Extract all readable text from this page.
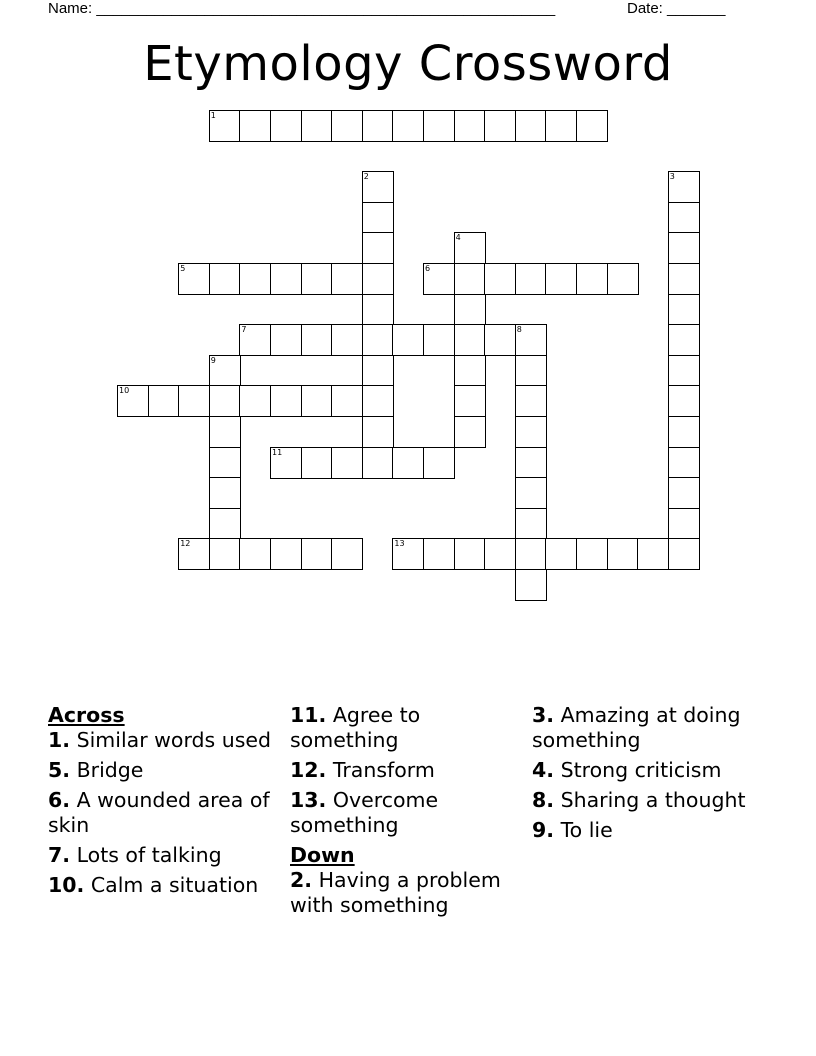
Name: _______________________________________________________	Date: _______
Etymology Crossword
1
2	3
4
5	6
7	8
9
10
11
12	13
Across
1. Similar words used
5. Bridge
6. A wounded area of skin
7. Lots of talking
10. Calm a situation
11. Agree to something
12. Transform
13. Overcome something
Down
2. Having a problem with something
3. Amazing at doing something
4. Strong criticism
8. Sharing a thought
9. To lie
